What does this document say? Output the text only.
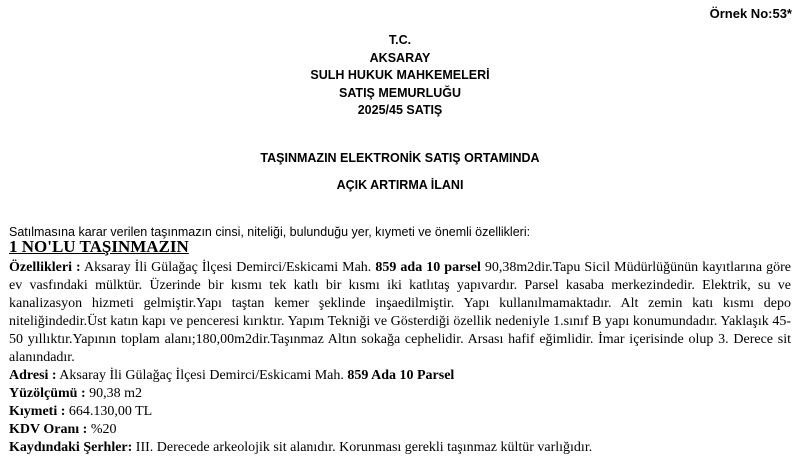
Örnek No:53*
T.C.
AKSARAY
SULH HUKUK MAHKEMELERİ
SATIŞ MEMURLUĞU
2025/45 SATIŞ
TAŞINMAZIN ELEKTRONİK SATIŞ ORTAMINDA
AÇIK ARTIRMA İLANI
Satılmasına karar verilen taşınmazın cinsi, niteliği, bulunduğu yer, kıymeti ve önemli özellikleri:
1 NO'LU TAŞINMAZIN
Özellikleri : Aksaray İli Gülağaç İlçesi Demirci/Eskicami Mah. 859 ada 10 parsel 90,38m2dir.Tapu Sicil Müdürlüğünün kayıtlarına göre ev vasfındaki mülktür. Üzerinde bir kısmı tek katlı bir kısmı iki katlıtaş yapıvardır. Parsel kasaba merkezindedir. Elektrik, su ve kanalizasyon hizmeti gelmiştir.Yapı taştan kemer şeklinde inşaedilmiştir. Yapı kullanılmamaktadır. Alt zemin katı kısmı depo niteliğindedir.Üst katın kapı ve penceresi kırıktır. Yapım Tekniği ve Gösterdiği özellik nedeniyle 1.sınıf B yapı konumundadır. Yaklaşık 45-50 yıllıktır.Yapının toplam alanı;180,00m2dir.Taşınmaz Altın sokağa cephelidir. Arsası hafif eğimlidir. İmar içerisinde olup 3. Derece sit alanındadır.
Adresi : Aksaray İli Gülağaç İlçesi Demirci/Eskicami Mah. 859 Ada 10 Parsel
Yüzölçümü : 90,38 m2
Kıymeti : 664.130,00 TL
KDV Oranı : %20
Kaydındaki Şerhler: III. Derecede arkeolojik sit alanıdır. Korunması gerekli taşınmaz kültür varlığıdır.
